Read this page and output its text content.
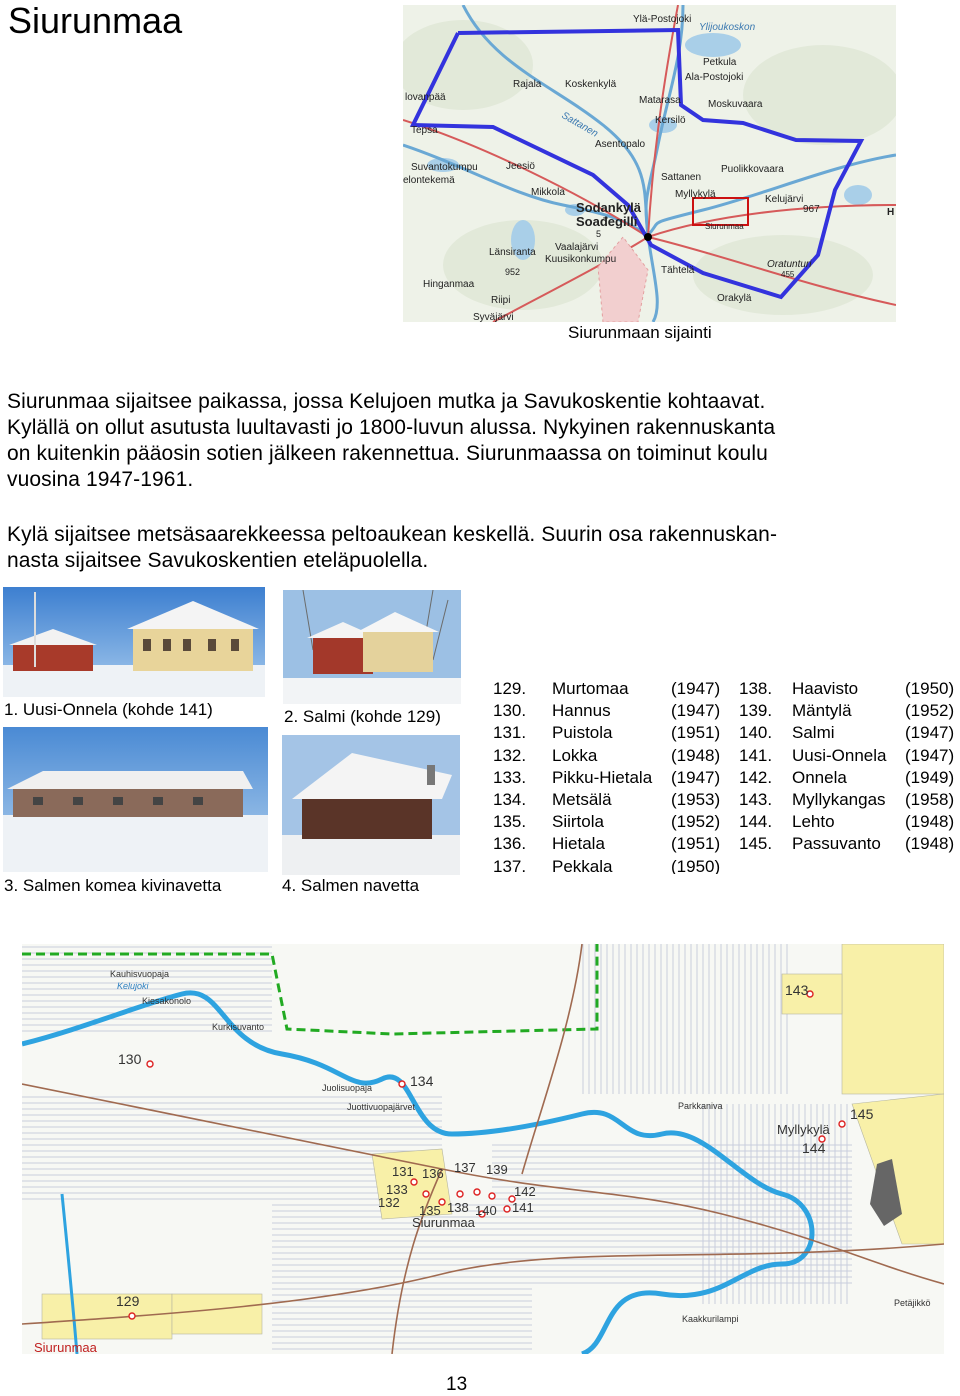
Siurunmaa	Ylä-Postojoki
Ylijoukoskon
Rajala Koskenkylä
Petkula
Ala-Postojoki
Matarasa	Moskuvaara
Kersilö
lovanpää
Tepsa
Asentopalo
Sattanen
Suvantokumpu
elontekemä
Jeesiö	Puolikkovaara
Sattanen
Mikkola	Myllykylä	Kelujärvi
967
Sodankylä
Soađegilli
5
Siurunmaa
Länsiranta Vaalajärvi
Kuusikonkumpu
Tähtelä
Oratunturi
455
952
Hinganmaa
Orakylä
Riipi
Syväjärvi
H
Siurunmaan sijainti
Siurunmaa sijaitsee paikassa, jossa Kelujoen mutka ja Savukoskentie kohtaavat.
Kylällä on ollut asutusta luultavasti jo 1800-luvun alussa. Nykyinen rakennuskanta
on kuitenkin pääosin sotien jälkeen rakennettua. Siurunmaassa on toiminut koulu
vuosina 1947-1961.
Kylä sijaitsee metsäsaarekkeessa peltoaukean keskellä. Suurin osa rakennuskan-
nasta sijaitsee Savukoskentien eteläpuolella.
1. Uusi-Onnela (kohde 141)	2. Salmi (kohde 129)
3. Salmen komea kivinavetta	4. Salmen navetta
129. Murtomaa (1947)
130. Hannus	(1947)
131. Puistola	(1951)
132. Lokka	(1948)
133. Pikku-Hietala (1947)
134. Metsälä	(1953)
135. Siirtola	(1952)
136. Hietala	(1951)
137. Pekkala	(1950)
138. Haavisto	(1950)
139. Mäntylä	(1952)
140. Salmi	(1947)
141. Uusi-Onnela (1947)
142. Onnela	(1949)
143. Myllykangas (1958)
144. Lehto	(1948)
145. Passuvanto (1948)
Kauhisvuopaja
Kelujoki
Kiesakonolo
Kurkisuvanto
130
134
Juolisuopaja
Juottivuopajärvet
143
145
Myllykylä
144
Parkkaniva
131 136 137 139
133
132
142
135 138 140 141
Siurunmaa
129
Siurunmaa
Kaakkurilampi
Petäjikkö
13
